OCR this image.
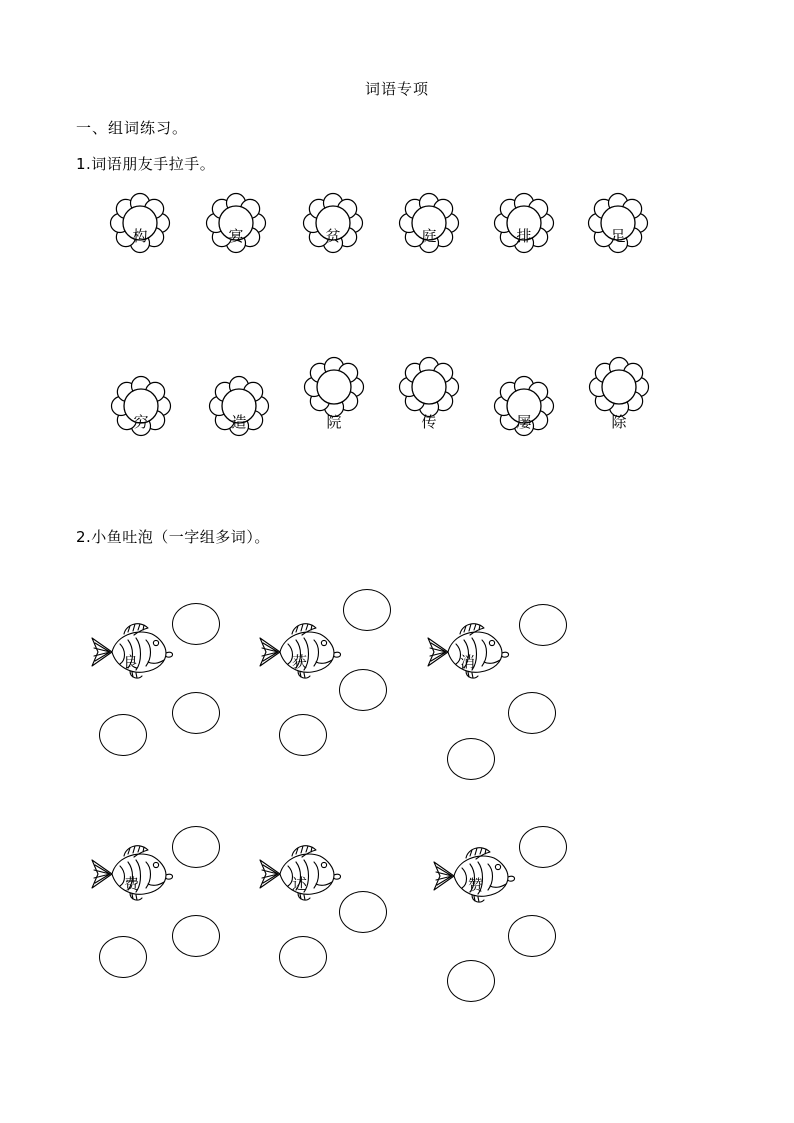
词语专项
一、组词练习。
1.词语朋友手拉手。
构	宴	贫	庭	排	足
穷	造	院	传	屡	除
2.小鱼吐泡（一字组多词）。
良	获	消
费	述	赞
